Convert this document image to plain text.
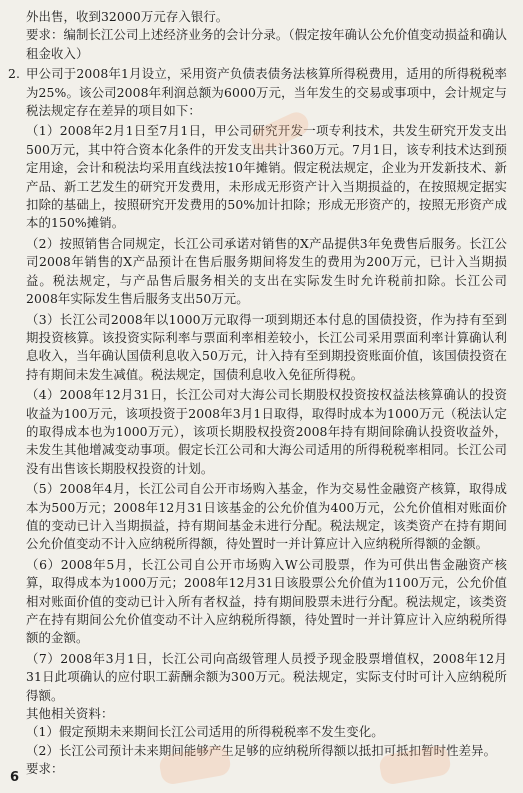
外出售，收到32000万元存入银行。

要求：编制长江公司上述经济业务的会计分录。（假定按年确认公允价值变动损益和确认租金收入）

2. 甲公司于2008年1月设立，采用资产负债表债务法核算所得税费用，适用的所得税税率为25%。该公司2008年利润总额为6000万元，当年发生的交易或事项中，会计规定与税法规定存在差异的项目如下：

（1）2008年2月1日至7月1日，甲公司研究开发一项专利技术，共发生研究开发支出500万元，其中符合资本化条件的开发支出共计360万元。7月1日，该专利技术达到预定用途，会计和税法均采用直线法按10年摊销。假定税法规定，企业为开发新技术、新产品、新工艺发生的研究开发费用，未形成无形资产计入当期损益的，在按照规定据实扣除的基础上，按照研究开发费用的50%加计扣除；形成无形资产的，按照无形资产成本的150%摊销。

（2）按照销售合同规定，长江公司承诺对销售的X产品提供3年免费售后服务。长江公司2008年销售的X产品预计在售后服务期间将发生的费用为200万元，已计入当期损益。税法规定，与产品售后服务相关的支出在实际发生时允许税前扣除。长江公司2008年实际发生售后服务支出50万元。

（3）长江公司2008年以1000万元取得一项到期还本付息的国债投资，作为持有至到期投资核算。该投资实际利率与票面利率相差较小，长江公司采用票面利率计算确认利息收入，当年确认国债利息收入50万元，计入持有至到期投资账面价值，该国债投资在持有期间未发生减值。税法规定，国债利息收入免征所得税。

（4）2008年12月31日，长江公司对大海公司长期股权投资按权益法核算确认的投资收益为100万元，该项投资于2008年3月1日取得，取得时成本为1000万元（税法认定的取得成本也为1000万元），该项长期股权投资2008年持有期间除确认投资收益外，未发生其他增减变动事项。假定长江公司和大海公司适用的所得税税率相同。长江公司没有出售该长期股权投资的计划。

（5）2008年4月，长江公司自公开市场购入基金，作为交易性金融资产核算，取得成本为500万元；2008年12月31日该基金的公允价值为400万元，公允价值相对账面价值的变动已计入当期损益，持有期间基金未进行分配。税法规定，该类资产在持有期间公允价值变动不计入应纳税所得额，待处置时一并计算应计入应纳税所得额的金额。

（6）2008年5月，长江公司自公开市场购入W公司股票，作为可供出售金融资产核算，取得成本为1000万元；2008年12月31日该股票公允价值为1100万元，公允价值相对账面价值的变动已计入所有者权益，持有期间股票未进行分配。税法规定，该类资产在持有期间公允价值变动不计入应纳税所得额，待处置时一并计算应计入应纳税所得额的金额。

（7）2008年3月1日，长江公司向高级管理人员授予现金股票增值权，2008年12月31日此项确认的应付职工薪酬余额为300万元。税法规定，实际支付时可计入应纳税所得额。

其他相关资料：

（1）假定预期未来期间长江公司适用的所得税税率不发生变化。

（2）长江公司预计未来期间能够产生足够的应纳税所得额以抵扣可抵扣暂时性差异。

要求：

6
